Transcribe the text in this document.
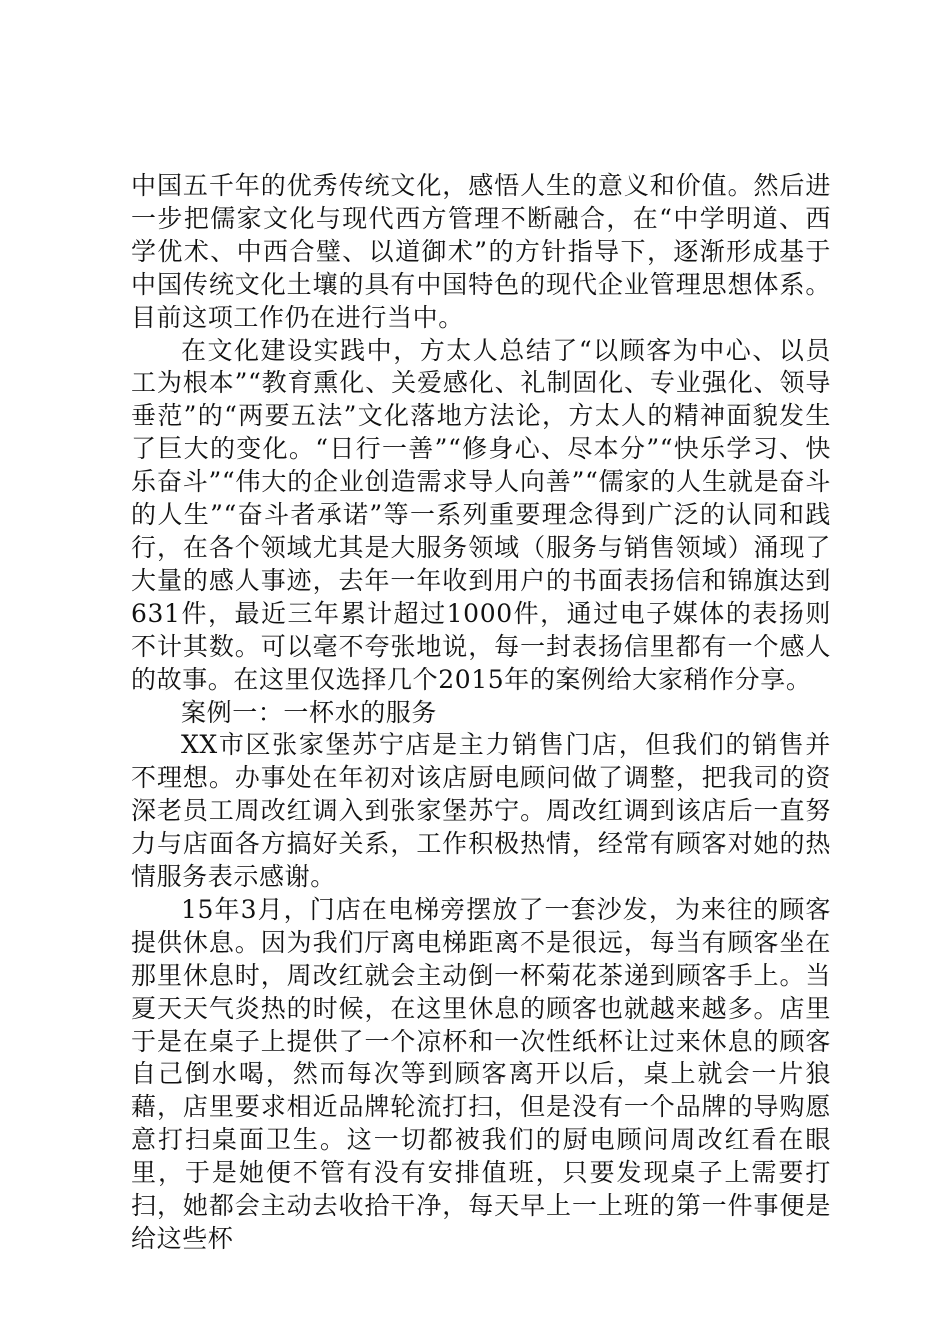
中国五千年的优秀传统文化，感悟人生的意义和价值。然后进一步把儒家文化与现代西方管理不断融合，在“中学明道、西学优术、中西合璧、以道御术”的方针指导下，逐渐形成基于中国传统文化土壤的具有中国特色的现代企业管理思想体系。目前这项工作仍在进行当中。

在文化建设实践中，方太人总结了“以顾客为中心、以员工为根本”“教育熏化、关爱感化、礼制固化、专业强化、领导垂范”的“两要五法”文化落地方法论，方太人的精神面貌发生了巨大的变化。“日行一善”“修身心、尽本分”“快乐学习、快乐奋斗”“伟大的企业创造需求导人向善”“儒家的人生就是奋斗的人生”“奋斗者承诺”等一系列重要理念得到广泛的认同和践行，在各个领域尤其是大服务领域（服务与销售领域）涌现了大量的感人事迹，去年一年收到用户的书面表扬信和锦旗达到631件，最近三年累计超过1000件，通过电子媒体的表扬则不计其数。可以毫不夸张地说，每一封表扬信里都有一个感人的故事。在这里仅选择几个2015年的案例给大家稍作分享。

案例一：一杯水的服务

XX市区张家堡苏宁店是主力销售门店，但我们的销售并不理想。办事处在年初对该店厨电顾问做了调整，把我司的资深老员工周改红调入到张家堡苏宁。周改红调到该店后一直努力与店面各方搞好关系，工作积极热情，经常有顾客对她的热情服务表示感谢。

15年3月，门店在电梯旁摆放了一套沙发，为来往的顾客提供休息。因为我们厅离电梯距离不是很远，每当有顾客坐在那里休息时，周改红就会主动倒一杯菊花茶递到顾客手上。当夏天天气炎热的时候，在这里休息的顾客也就越来越多。店里于是在桌子上提供了一个凉杯和一次性纸杯让过来休息的顾客自己倒水喝，然而每次等到顾客离开以后，桌上就会一片狼藉，店里要求相近品牌轮流打扫，但是没有一个品牌的导购愿意打扫桌面卫生。这一切都被我们的厨电顾问周改红看在眼里，于是她便不管有没有安排值班，只要发现桌子上需要打扫，她都会主动去收拾干净，每天早上一上班的第一件事便是给这些杯
